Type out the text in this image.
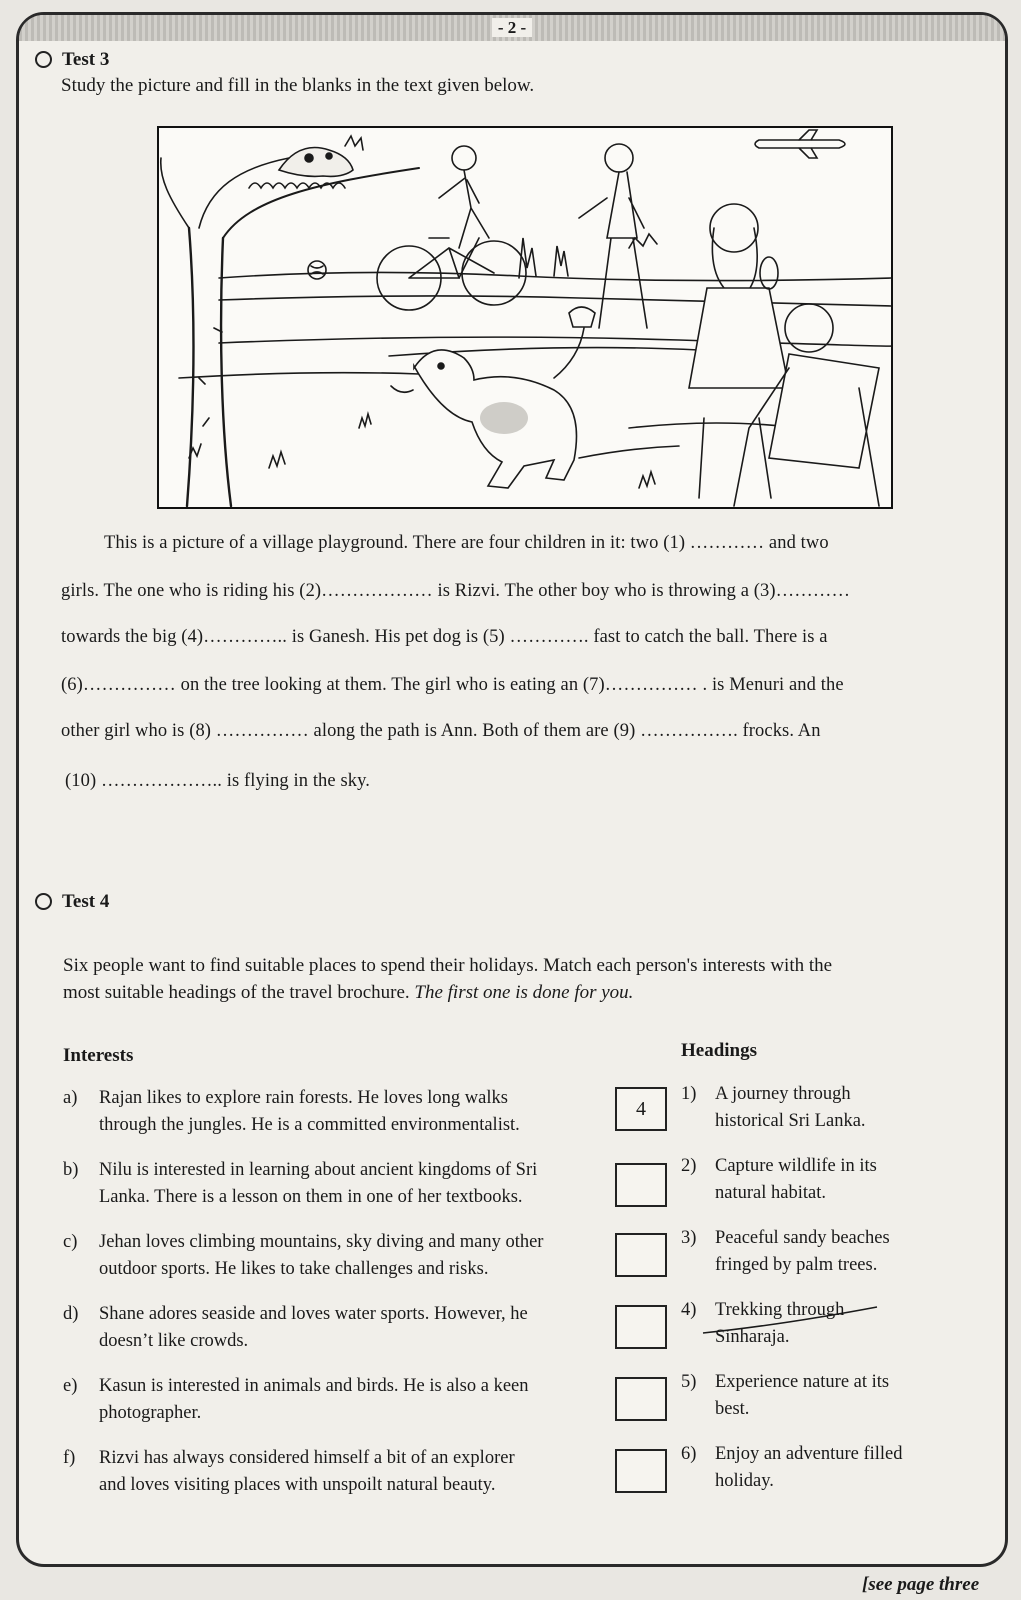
- 2 -
Test 3
Study the picture and fill in the blanks in the text given below.
This is a picture of a village playground. There are four children in it: two (1) ………… and two
girls. The one who is riding his (2)……………… is Rizvi. The other boy who is throwing a (3)…………
towards the big (4)………….. is Ganesh. His pet dog is (5) …………. fast to catch the ball. There is a
(6)…………… on the tree looking at them. The girl who is eating an (7)…………… . is Menuri and the
other girl who is (8) …………… along the path is Ann. Both of them are (9) ……………. frocks. An
(10) ……………….. is flying in the sky.
Test 4
Six people want to find suitable places to spend their holidays. Match each person's interests with the
most suitable headings of the travel brochure. The first one is done for you.
Interests	Headings
a) Rajan likes to explore rain forests. He loves long walks
through the jungles. He is a committed environmentalist.
4
b) Nilu is interested in learning about ancient kingdoms of Sri
Lanka. There is a lesson on them in one of her textbooks.
c) Jehan loves climbing mountains, sky diving and many other
outdoor sports. He likes to take challenges and risks.
d) Shane adores seaside and loves water sports. However, he
doesn’t like crowds.
e) Kasun is interested in animals and birds. He is also a keen
photographer.
f) Rizvi has always considered himself a bit of an explorer
and loves visiting places with unspoilt natural beauty.
1) A journey through
historical Sri Lanka.
2) Capture wildlife in its
natural habitat.
3) Peaceful sandy beaches
fringed by palm trees.
4) Trekking through
Sinharaja.
5) Experience nature at its
best.
6) Enjoy an adventure filled
holiday.
[see page three
